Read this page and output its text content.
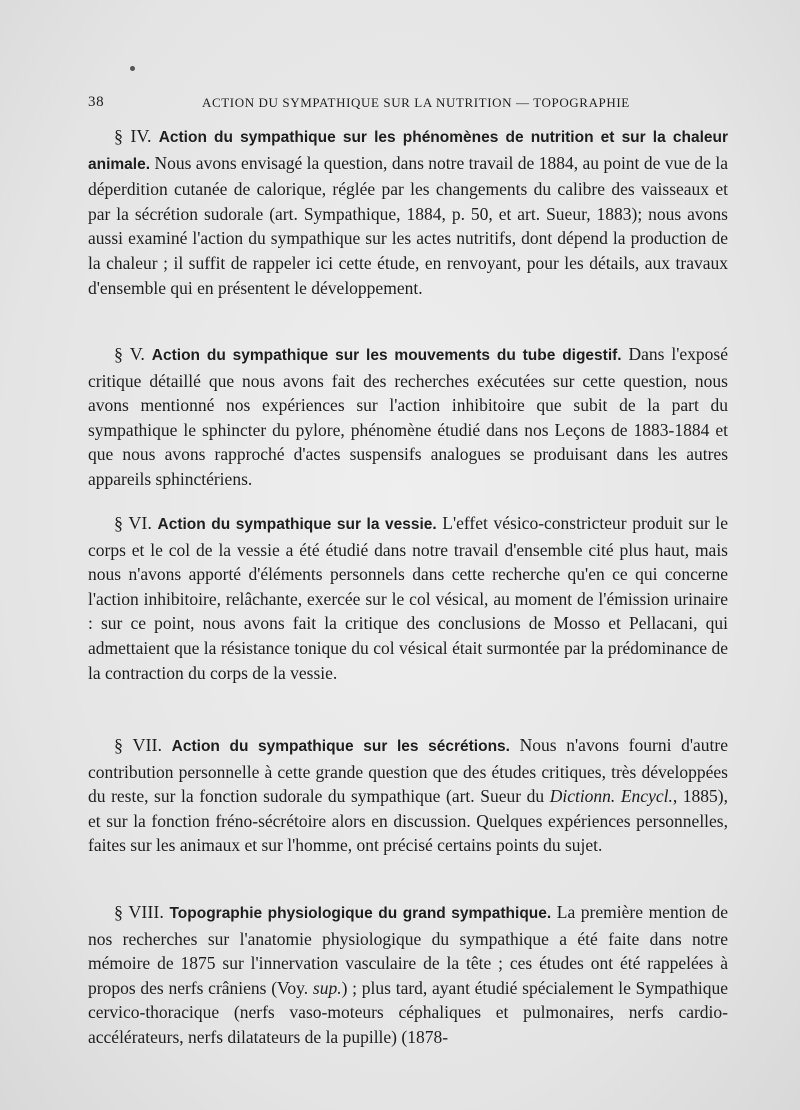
38	ACTION DU SYMPATHIQUE SUR LA NUTRITION — TOPOGRAPHIE
§ IV. Action du sympathique sur les phénomènes de nutrition et sur la chaleur animale. Nous avons envisagé la question, dans notre travail de 1884, au point de vue de la déperdition cutanée de calorique, réglée par les changements du calibre des vaisseaux et par la sécrétion sudorale (art. Sympathique, 1884, p. 50, et art. Sueur, 1883); nous avons aussi examiné l'action du sympathique sur les actes nutritifs, dont dépend la production de la chaleur ; il suffit de rappeler ici cette étude, en renvoyant, pour les détails, aux travaux d'ensemble qui en présentent le développement.
§ V. Action du sympathique sur les mouvements du tube digestif. Dans l'exposé critique détaillé que nous avons fait des recherches exécutées sur cette question, nous avons mentionné nos expériences sur l'action inhibitoire que subit de la part du sympathique le sphincter du pylore, phénomène étudié dans nos Leçons de 1883-1884 et que nous avons rapproché d'actes suspensifs analogues se produisant dans les autres appareils sphinctériens.
§ VI. Action du sympathique sur la vessie. L'effet vésico-constricteur produit sur le corps et le col de la vessie a été étudié dans notre travail d'ensemble cité plus haut, mais nous n'avons apporté d'éléments personnels dans cette recherche qu'en ce qui concerne l'action inhibitoire, relâchante, exercée sur le col vésical, au moment de l'émission urinaire : sur ce point, nous avons fait la critique des conclusions de Mosso et Pellacani, qui admettaient que la résistance tonique du col vésical était surmontée par la prédominance de la contraction du corps de la vessie.
§ VII. Action du sympathique sur les sécrétions. Nous n'avons fourni d'autre contribution personnelle à cette grande question que des études critiques, très développées du reste, sur la fonction sudorale du sympathique (art. Sueur du Dictionn. Encycl., 1885), et sur la fonction fréno-sécrétoire alors en discussion. Quelques expériences personnelles, faites sur les animaux et sur l'homme, ont précisé certains points du sujet.
§ VIII. Topographie physiologique du grand sympathique. La première mention de nos recherches sur l'anatomie physiologique du sympathique a été faite dans notre mémoire de 1875 sur l'innervation vasculaire de la tête ; ces études ont été rappelées à propos des nerfs crâniens (Voy. sup.) ; plus tard, ayant étudié spécialement le Sympathique cervico-thoracique (nerfs vaso-moteurs céphaliques et pulmonaires, nerfs cardio-accélérateurs, nerfs dilatateurs de la pupille) (1878-
